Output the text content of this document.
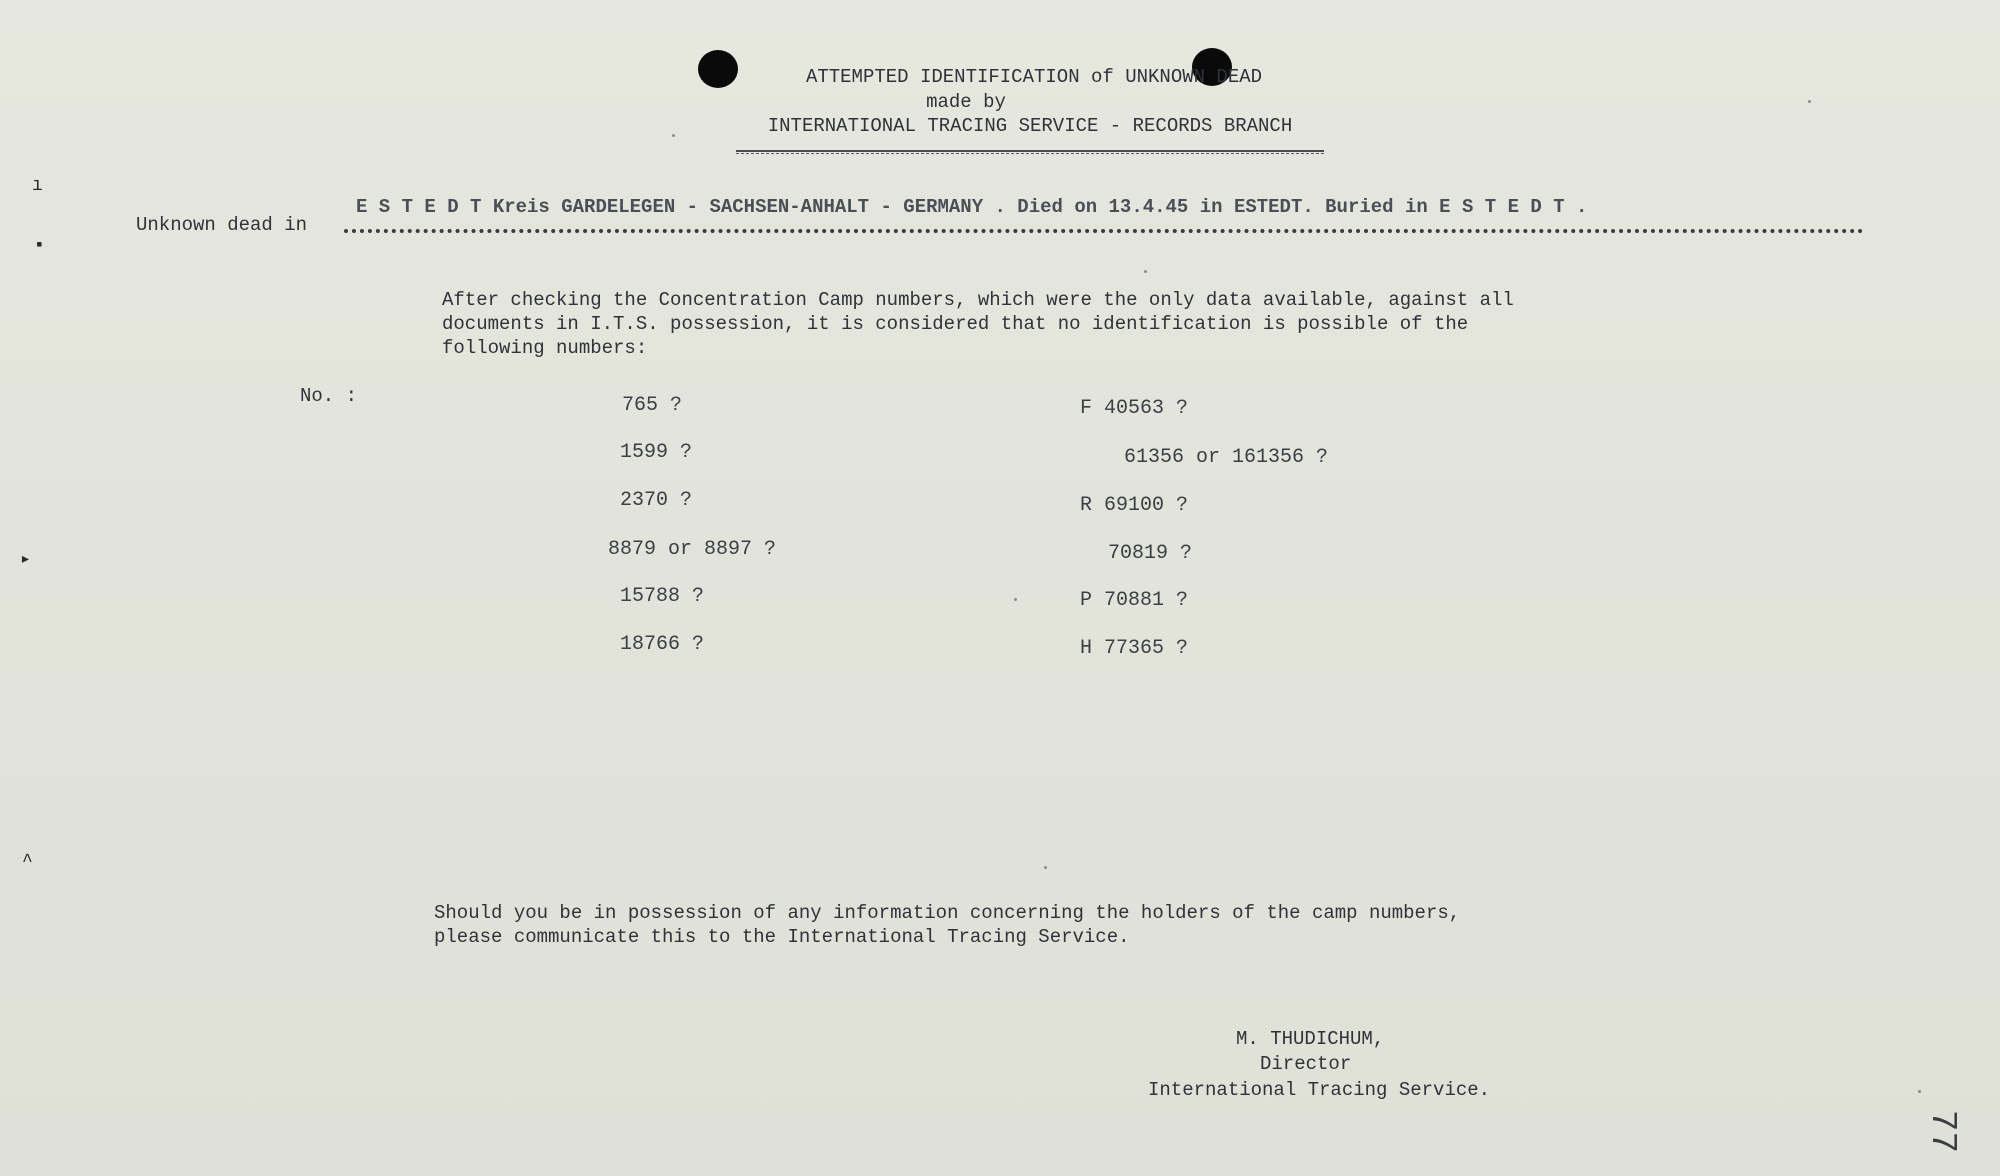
ATTEMPTED IDENTIFICATION of UNKNOWN DEAD
made by
INTERNATIONAL TRACING SERVICE - RECORDS BRANCH
Unknown dead in
E S T E D T Kreis GARDELEGEN - SACHSEN-ANHALT - GERMANY . Died on 13.4.45 in ESTEDT. Buried in E S T E D T .
After checking the Concentration Camp numbers, which were the only data available, against all
documents in I.T.S. possession, it is considered that no identification is possible of the
following numbers:
No. :	765 ?
1599 ?
2370 ?
8879 or 8897 ?
15788 ?
18766 ?
F 40563 ?
61356 or 161356 ?
R 69100 ?
70819 ?
P 70881 ?
H 77365 ?
Should you be in possession of any information concerning the holders of the camp numbers,
please communicate this to the International Tracing Service.
M. THUDICHUM,
Director
International Tracing Service.
ı
▪
▸
^
77
